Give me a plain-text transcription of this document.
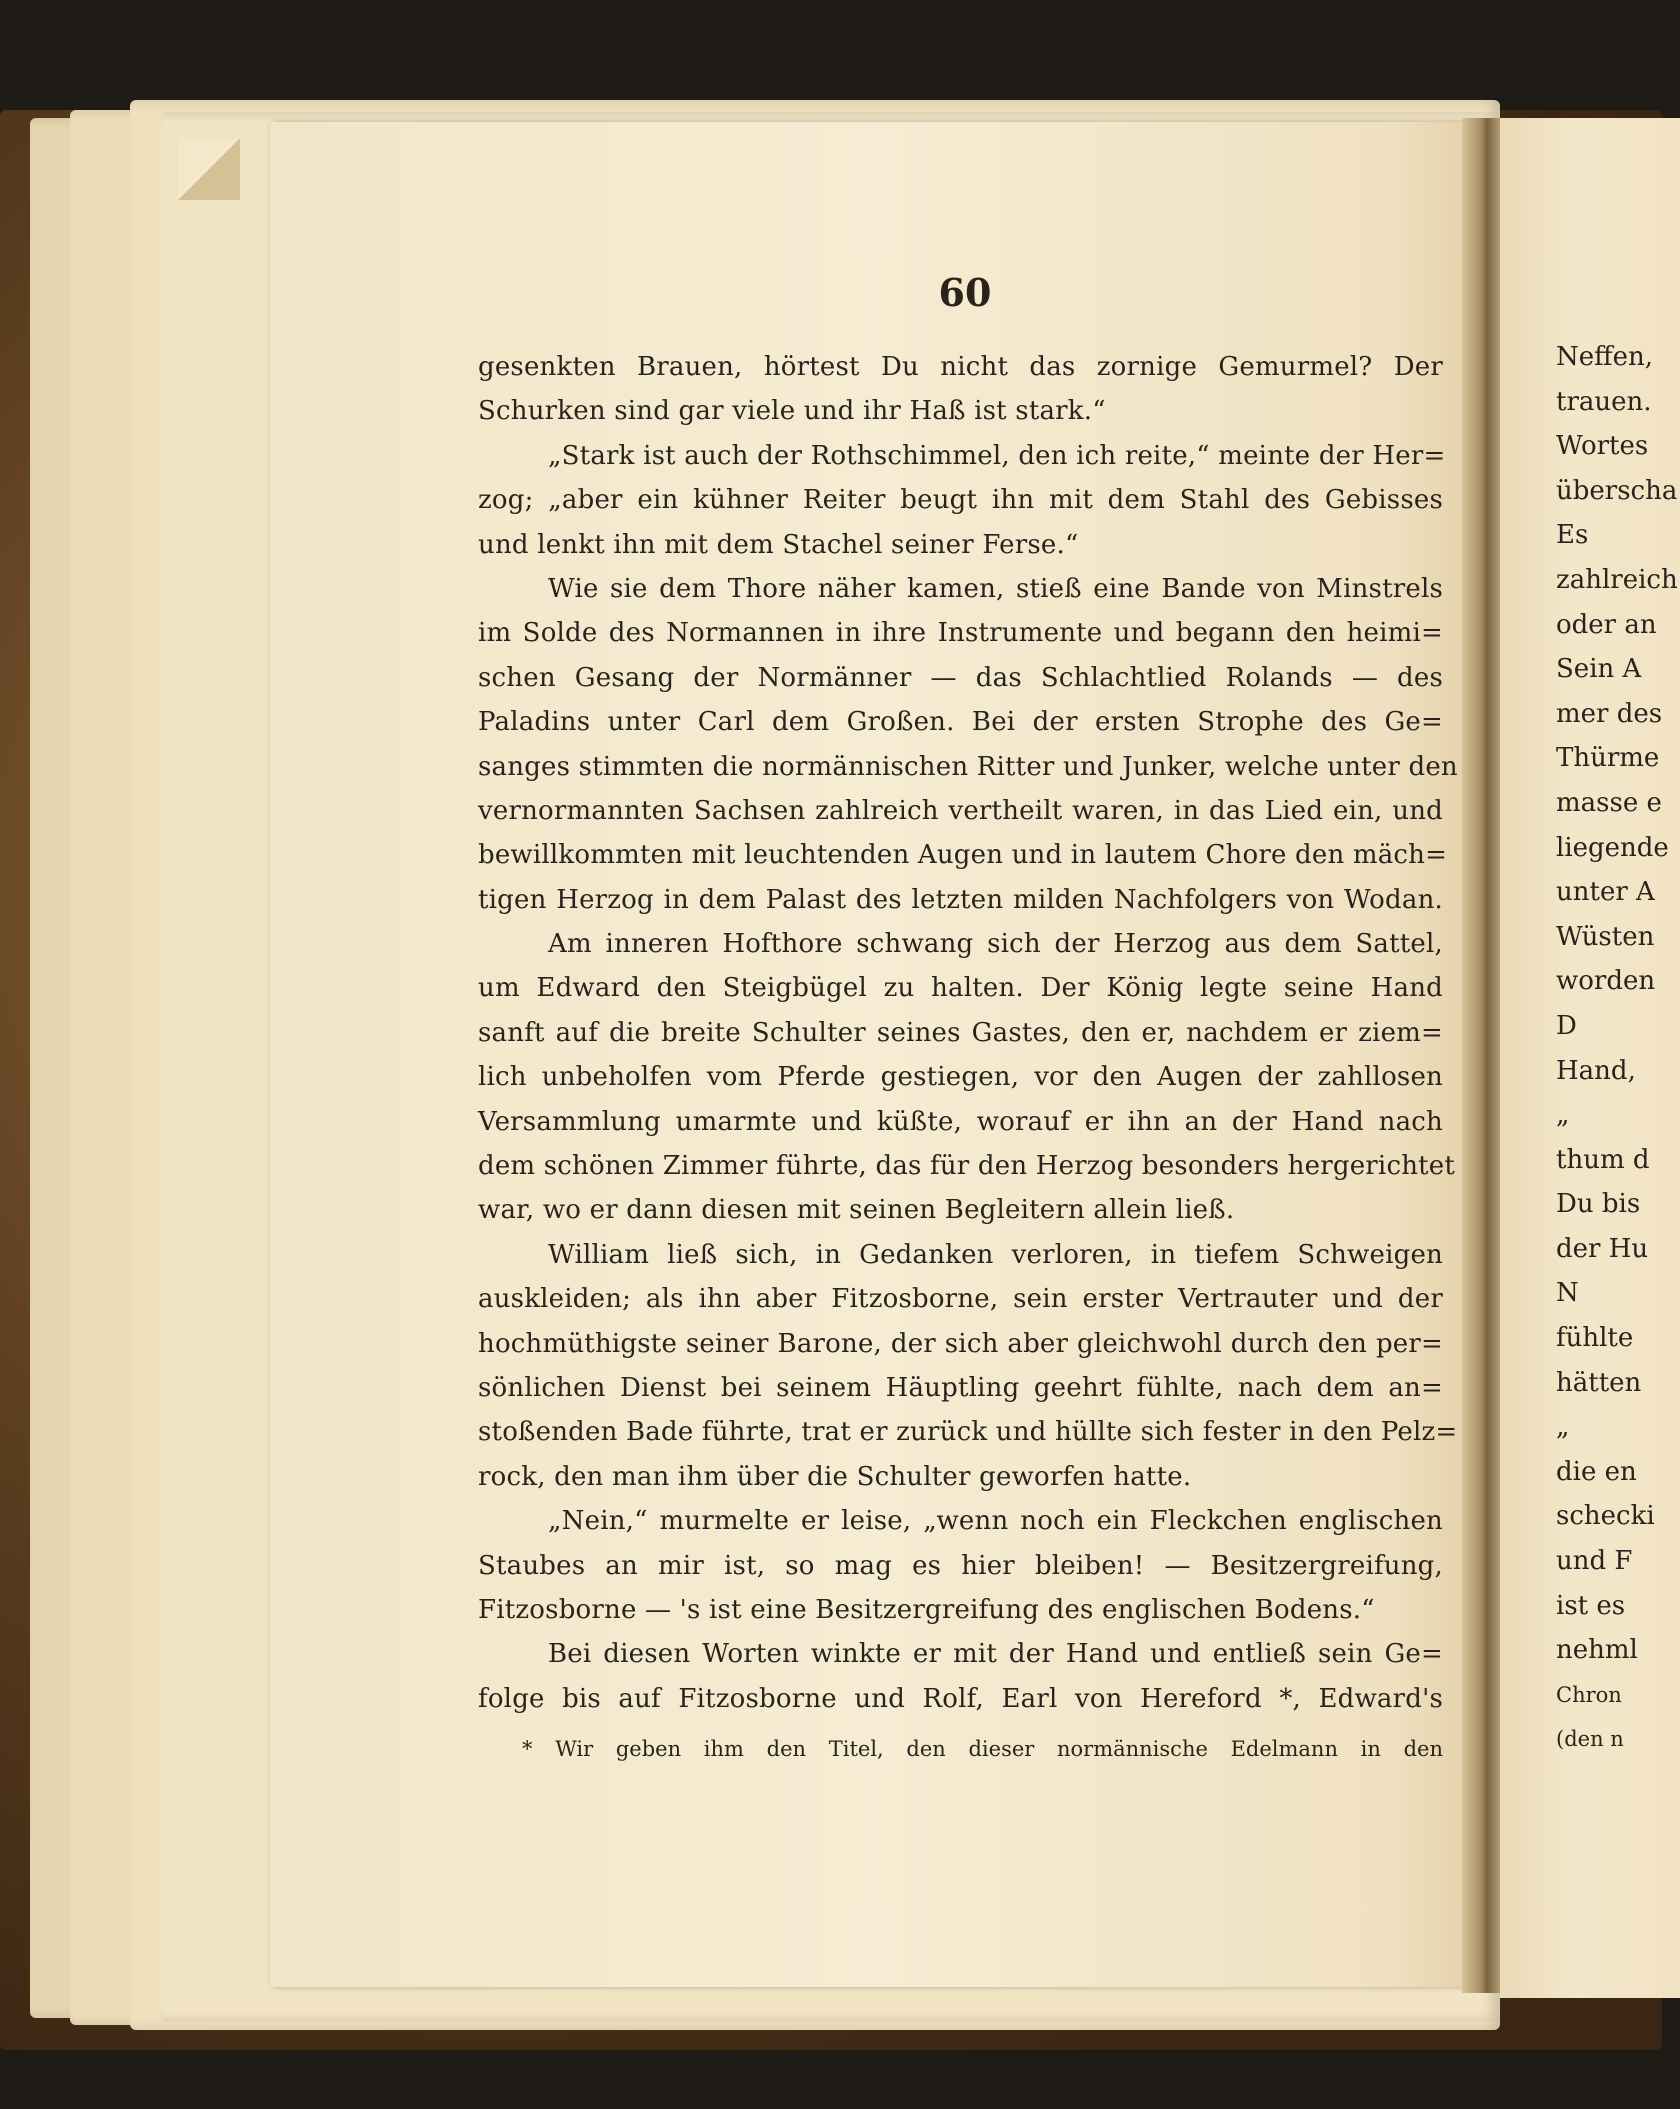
60
gesenkten Brauen, hörtest Du nicht das zornige Gemurmel? Der
Schurken sind gar viele und ihr Haß ist stark.“
„Stark ist auch der Rothschimmel, den ich reite,“ meinte der Her=
zog; „aber ein kühner Reiter beugt ihn mit dem Stahl des Gebisses
und lenkt ihn mit dem Stachel seiner Ferse.“
Wie sie dem Thore näher kamen, stieß eine Bande von Minstrels
im Solde des Normannen in ihre Instrumente und begann den heimi=
schen Gesang der Normänner — das Schlachtlied Rolands — des
Paladins unter Carl dem Großen. Bei der ersten Strophe des Ge=
sanges stimmten die normännischen Ritter und Junker, welche unter den
vernormannten Sachsen zahlreich vertheilt waren, in das Lied ein, und
bewillkommten mit leuchtenden Augen und in lautem Chore den mäch=
tigen Herzog in dem Palast des letzten milden Nachfolgers von Wodan.
Am inneren Hofthore schwang sich der Herzog aus dem Sattel,
um Edward den Steigbügel zu halten. Der König legte seine Hand
sanft auf die breite Schulter seines Gastes, den er, nachdem er ziem=
lich unbeholfen vom Pferde gestiegen, vor den Augen der zahllosen
Versammlung umarmte und küßte, worauf er ihn an der Hand nach
dem schönen Zimmer führte, das für den Herzog besonders hergerichtet
war, wo er dann diesen mit seinen Begleitern allein ließ.
William ließ sich, in Gedanken verloren, in tiefem Schweigen
auskleiden; als ihn aber Fitzosborne, sein erster Vertrauter und der
hochmüthigste seiner Barone, der sich aber gleichwohl durch den per=
sönlichen Dienst bei seinem Häuptling geehrt fühlte, nach dem an=
stoßenden Bade führte, trat er zurück und hüllte sich fester in den Pelz=
rock, den man ihm über die Schulter geworfen hatte.
„Nein,“ murmelte er leise, „wenn noch ein Fleckchen englischen
Staubes an mir ist, so mag es hier bleiben! — Besitzergreifung,
Fitzosborne — 's ist eine Besitzergreifung des englischen Bodens.“
Bei diesen Worten winkte er mit der Hand und entließ sein Ge=
folge bis auf Fitzosborne und Rolf, Earl von Hereford *, Edward's
* Wir geben ihm den Titel, den dieser normännische Edelmann in den
Neffen,
trauen.
Wortes
überscha
Es
zahlreich
oder an
Sein A
mer des
Thürme
masse e
liegende
unter A
Wüsten
worden
D
Hand,
„
thum d
Du bis
der Hu
N
fühlte
hätten
„
die en
schecki
und F
ist es
nehml
Chron
(den n
